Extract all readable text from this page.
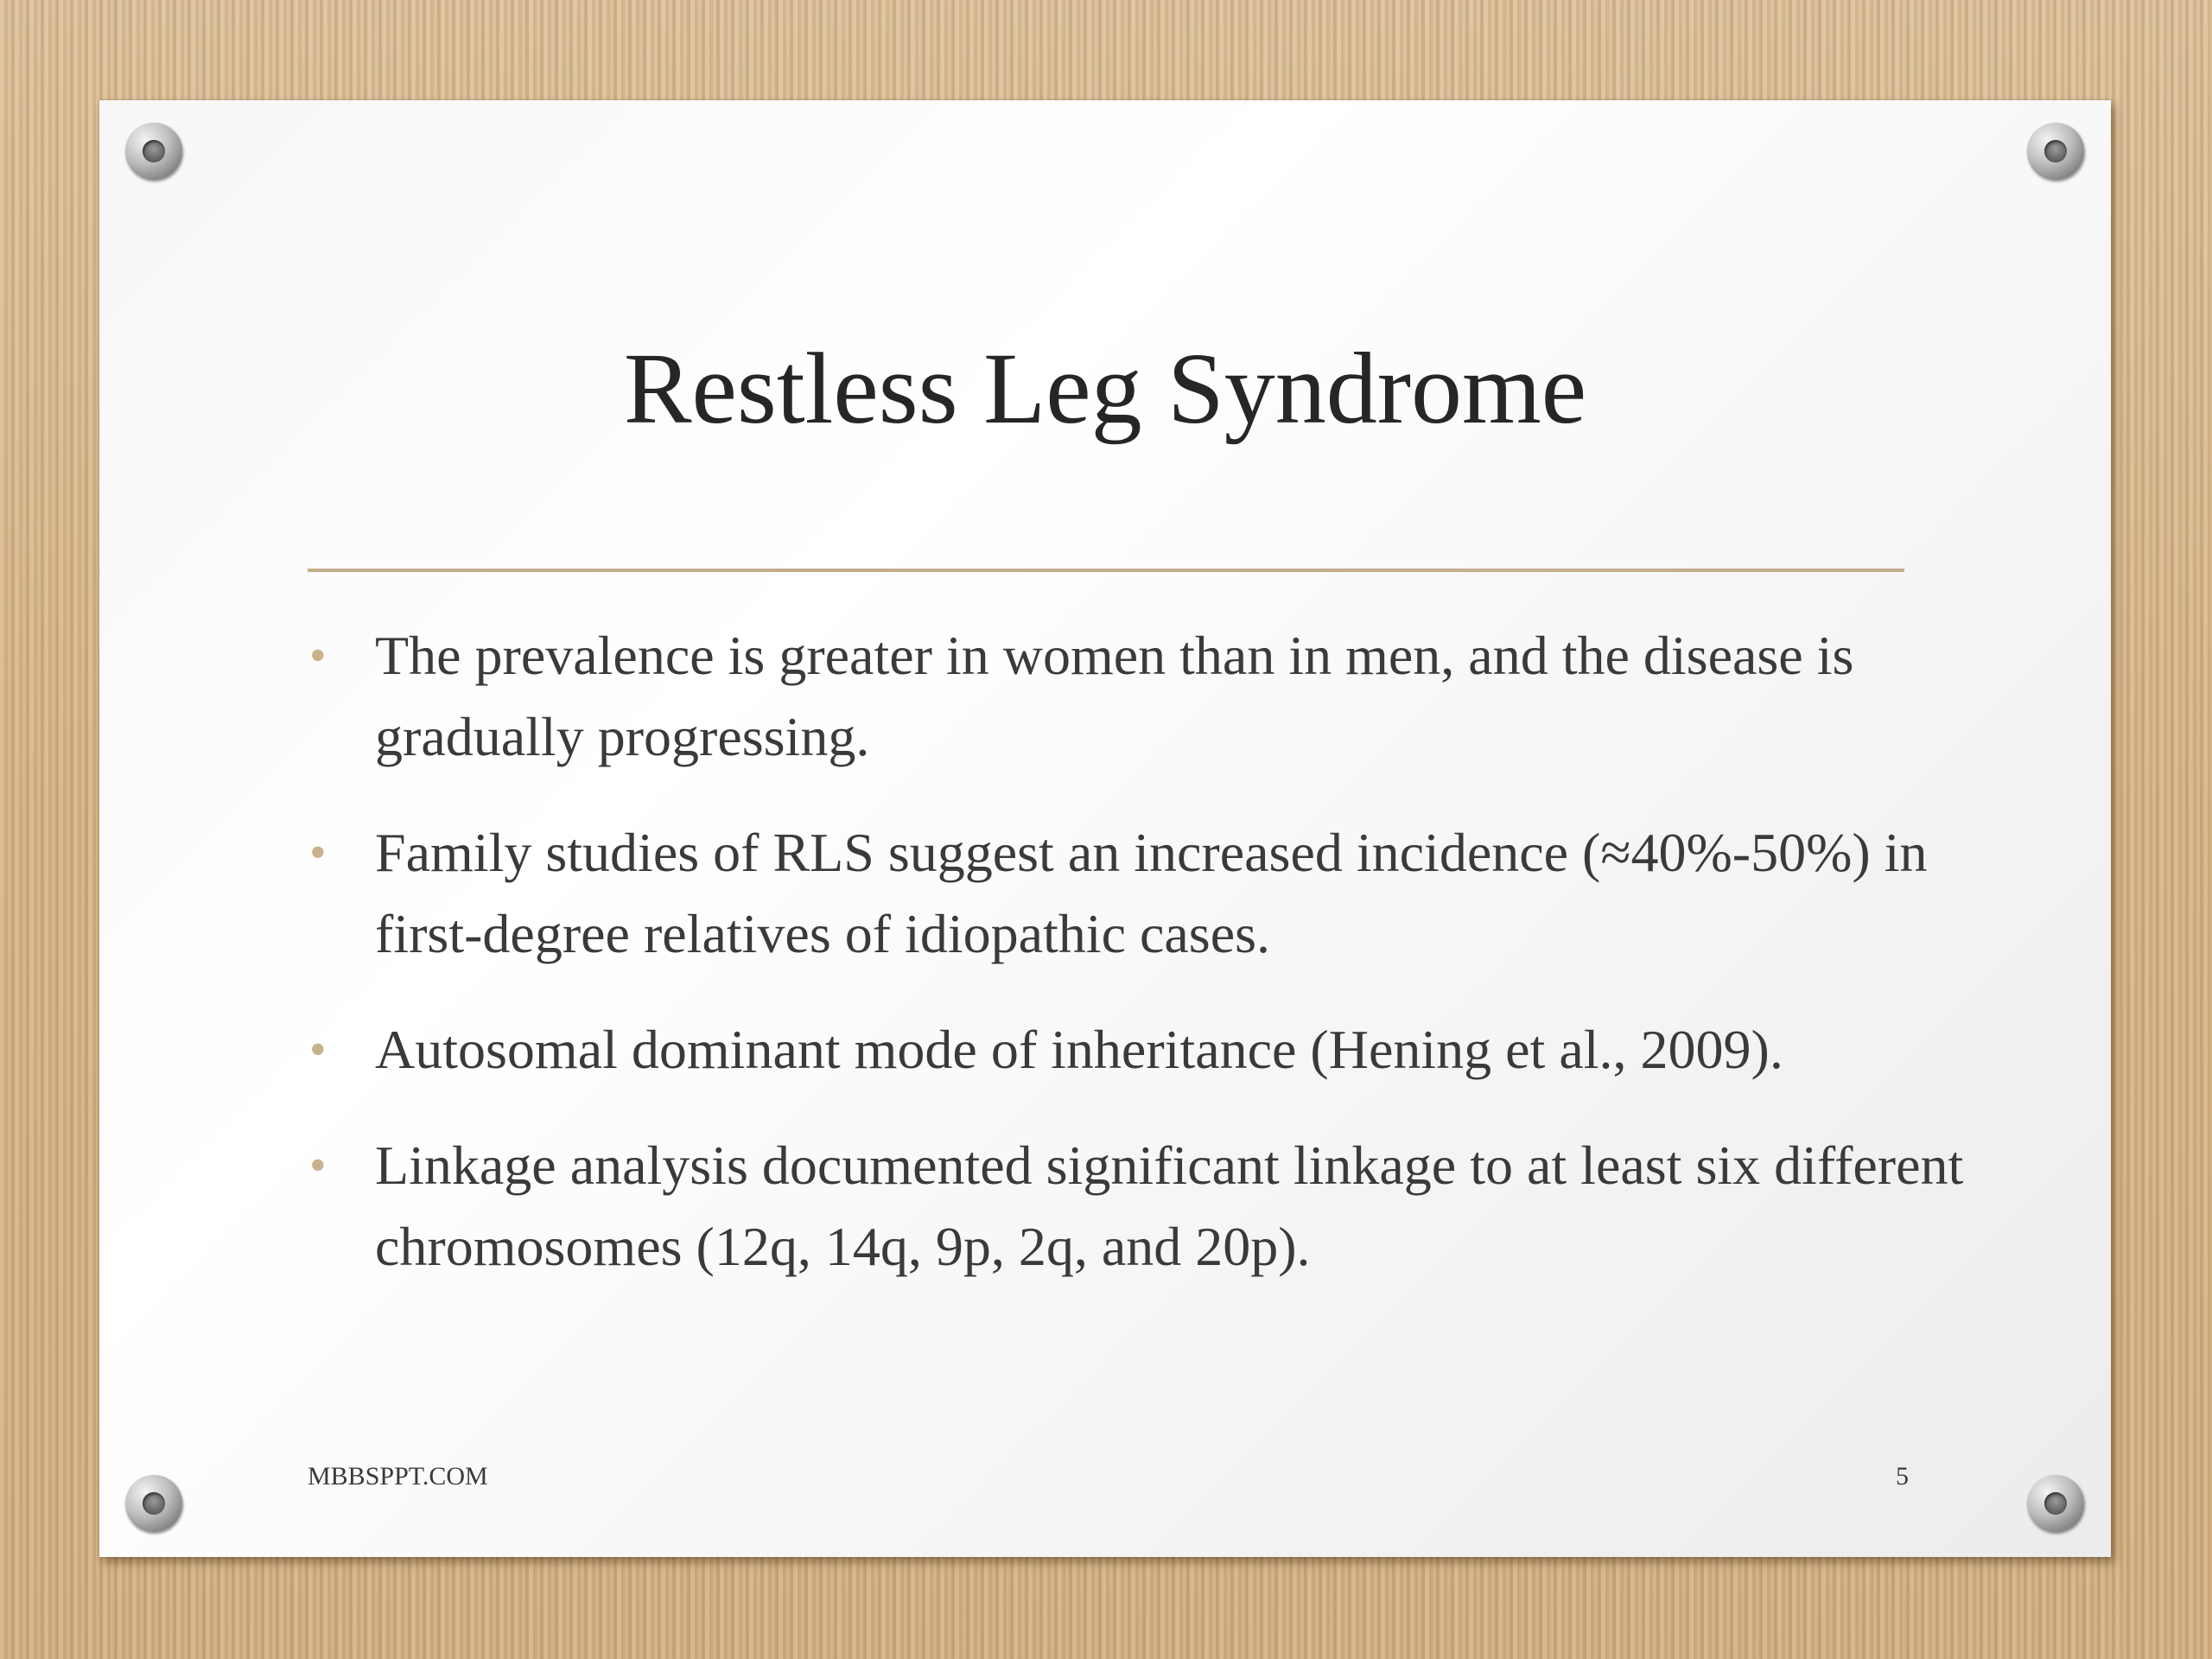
Restless Leg Syndrome
• The prevalence is greater in women than in men, and the disease is gradually progressing.
• Family studies of RLS suggest an increased incidence (≈40%-50%) in first-degree relatives of idiopathic cases.
• Autosomal dominant mode of inheritance (Hening et al., 2009).
• Linkage analysis documented significant linkage to at least six different chromosomes (12q, 14q, 9p, 2q, and 20p).
MBBSPPT.COM	5
